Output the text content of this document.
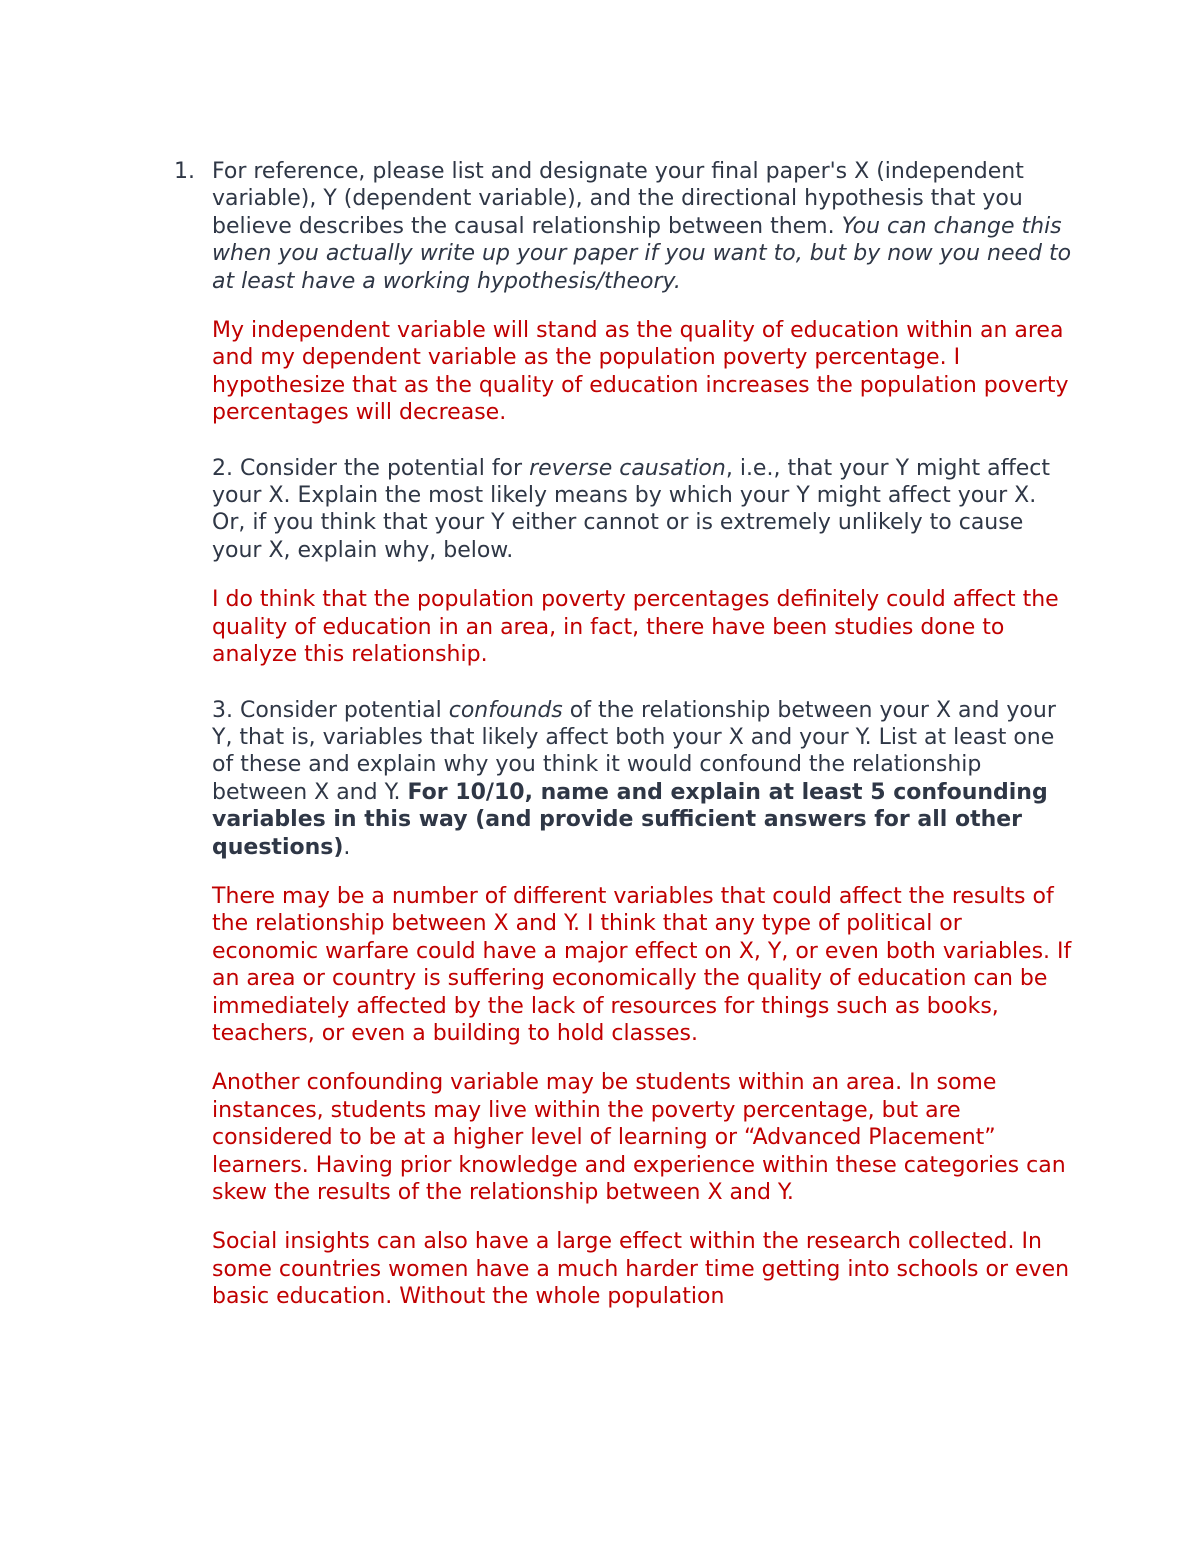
1. For reference, please list and designate your final paper's X (independent variable), Y (dependent variable), and the directional hypothesis that you believe describes the causal relationship between them. You can change this when you actually write up your paper if you want to, but by now you need to at least have a working hypothesis/theory.

My independent variable will stand as the quality of education within an area and my dependent variable as the population poverty percentage. I hypothesize that as the quality of education increases the population poverty percentages will decrease.

2. Consider the potential for reverse causation, i.e., that your Y might affect your X. Explain the most likely means by which your Y might affect your X. Or, if you think that your Y either cannot or is extremely unlikely to cause your X, explain why, below.

I do think that the population poverty percentages definitely could affect the quality of education in an area, in fact, there have been studies done to analyze this relationship.

3. Consider potential confounds of the relationship between your X and your Y, that is, variables that likely affect both your X and your Y. List at least one of these and explain why you think it would confound the relationship between X and Y. For 10/10, name and explain at least 5 confounding variables in this way (and provide sufficient answers for all other questions).

There may be a number of different variables that could affect the results of the relationship between X and Y. I think that any type of political or economic warfare could have a major effect on X, Y, or even both variables. If an area or country is suffering economically the quality of education can be immediately affected by the lack of resources for things such as books, teachers, or even a building to hold classes.

Another confounding variable may be students within an area. In some instances, students may live within the poverty percentage, but are considered to be at a higher level of learning or “Advanced Placement” learners. Having prior knowledge and experience within these categories can skew the results of the relationship between X and Y.

Social insights can also have a large effect within the research collected. In some countries women have a much harder time getting into schools or even basic education. Without the whole population
